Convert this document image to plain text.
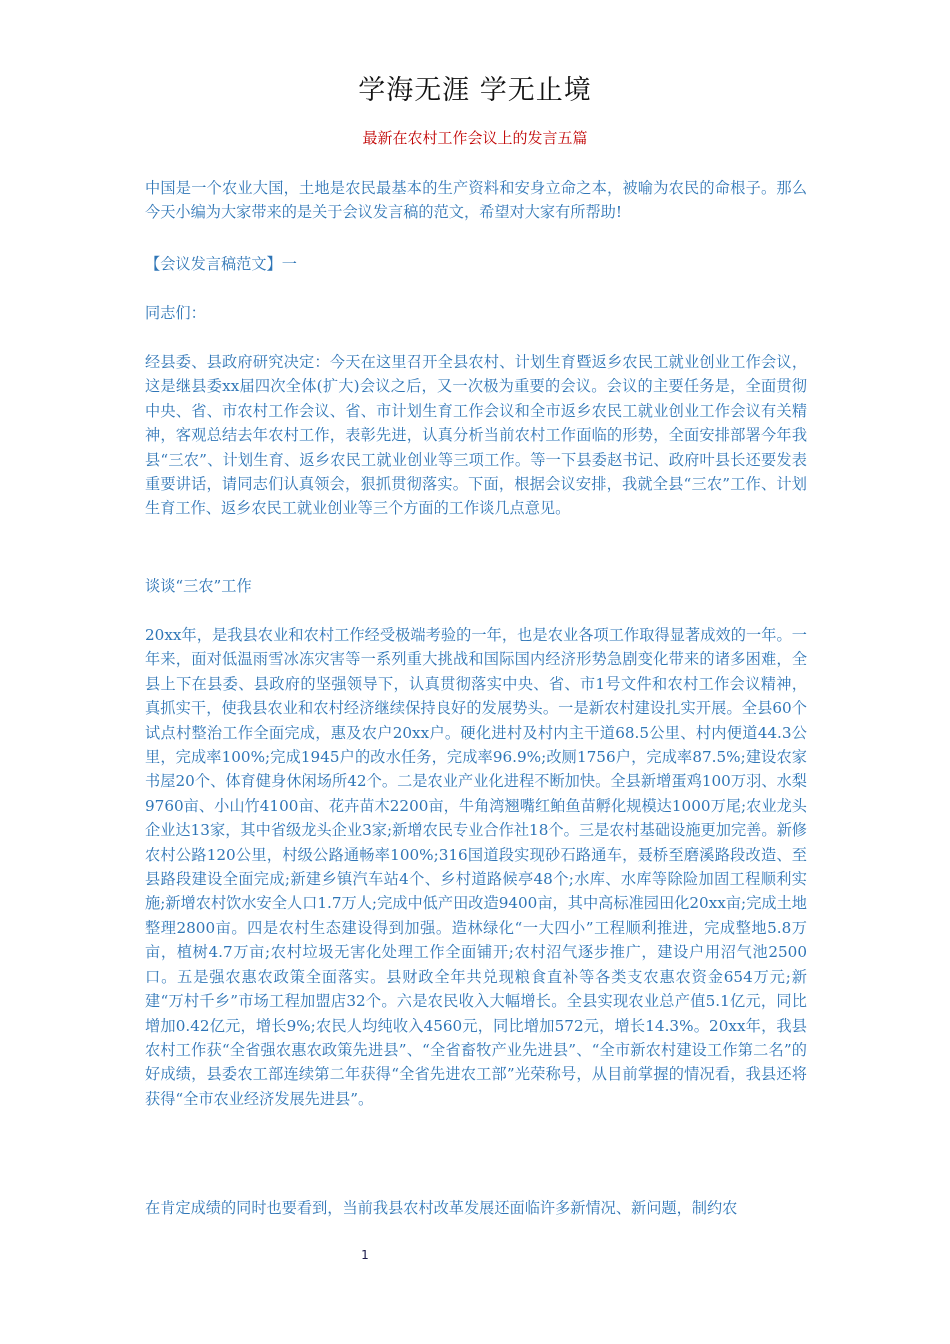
学海无涯 学无止境
最新在农村工作会议上的发言五篇

中国是一个农业大国，土地是农民最基本的生产资料和安身立命之本，被喻为农民的命根子。那么今天小编为大家带来的是关于会议发言稿的范文，希望对大家有所帮助!

【会议发言稿范文】一

同志们：

经县委、县政府研究决定：今天在这里召开全县农村、计划生育暨返乡农民工就业创业工作会议，这是继县委xx届四次全体(扩大)会议之后，又一次极为重要的会议。会议的主要任务是，全面贯彻中央、省、市农村工作会议、省、市计划生育工作会议和全市返乡农民工就业创业工作会议有关精神，客观总结去年农村工作，表彰先进，认真分析当前农村工作面临的形势，全面安排部署今年我县“三农”、计划生育、返乡农民工就业创业等三项工作。等一下县委赵书记、政府叶县长还要发表重要讲话，请同志们认真领会，狠抓贯彻落实。下面，根据会议安排，我就全县“三农”工作、计划生育工作、返乡农民工就业创业等三个方面的工作谈几点意见。

谈谈“三农”工作

20xx年，是我县农业和农村工作经受极端考验的一年，也是农业各项工作取得显著成效的一年。一年来，面对低温雨雪冰冻灾害等一系列重大挑战和国际国内经济形势急剧变化带来的诸多困难，全县上下在县委、县政府的坚强领导下，认真贯彻落实中央、省、市1号文件和农村工作会议精神，真抓实干，使我县农业和农村经济继续保持良好的发展势头。一是新农村建设扎实开展。全县60个试点村整治工作全面完成，惠及农户20xx户。硬化进村及村内主干道68.5公里、村内便道44.3公里，完成率100%;完成1945户的改水任务，完成率96.9%;改厕1756户，完成率87.5%;建设农家书屋20个、体育健身休闲场所42个。二是农业产业化进程不断加快。全县新增蛋鸡100万羽、水梨9760亩、小山竹4100亩、花卉苗木2200亩，牛角湾翘嘴红鲌鱼苗孵化规模达1000万尾;农业龙头企业达13家，其中省级龙头企业3家;新增农民专业合作社18个。三是农村基础设施更加完善。新修农村公路120公里，村级公路通畅率100%;316国道段实现砂石路通车，聂桥至磨溪路段改造、至县路段建设全面完成;新建乡镇汽车站4个、乡村道路候亭48个;水库、水库等除险加固工程顺利实施;新增农村饮水安全人口1.7万人;完成中低产田改造9400亩，其中高标准园田化20xx亩;完成土地整理2800亩。四是农村生态建设得到加强。造林绿化“一大四小”工程顺利推进，完成整地5.8万亩，植树4.7万亩;农村垃圾无害化处理工作全面铺开;农村沼气逐步推广，建设户用沼气池2500口。五是强农惠农政策全面落实。县财政全年共兑现粮食直补等各类支农惠农资金654万元;新建“万村千乡”市场工程加盟店32个。六是农民收入大幅增长。全县实现农业总产值5.1亿元，同比增加0.42亿元，增长9%;农民人均纯收入4560元，同比增加572元，增长14.3%。20xx年，我县农村工作获“全省强农惠农政策先进县”、“全省畜牧产业先进县”、“全市新农村建设工作第二名”的好成绩，县委农工部连续第二年获得“全省先进农工部”光荣称号，从目前掌握的情况看，我县还将获得“全市农业经济发展先进县”。

在肯定成绩的同时也要看到，当前我县农村改革发展还面临许多新情况、新问题，制约农

1
